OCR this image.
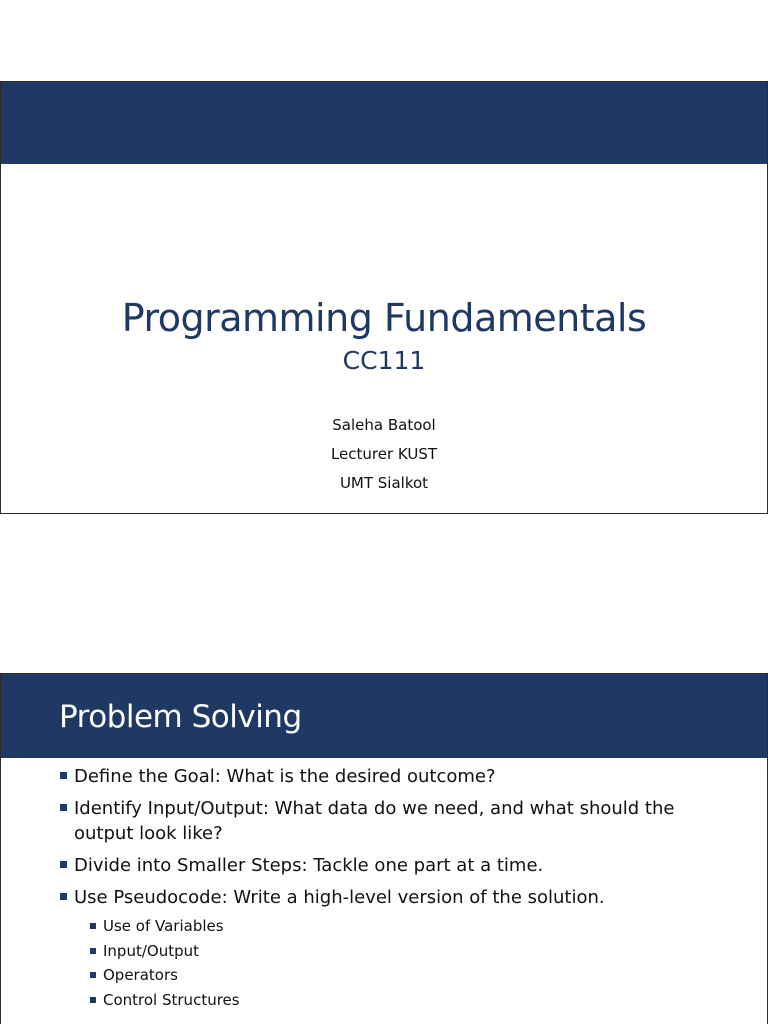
Programming Fundamentals
CC111
Saleha Batool
Lecturer KUST
UMT Sialkot
Problem Solving
Define the Goal: What is the desired outcome?
Identify Input/Output: What data do we need, and what should the output look like?
Divide into Smaller Steps: Tackle one part at a time.
Use Pseudocode: Write a high-level version of the solution.
Use of Variables
Input/Output
Operators
Control Structures
